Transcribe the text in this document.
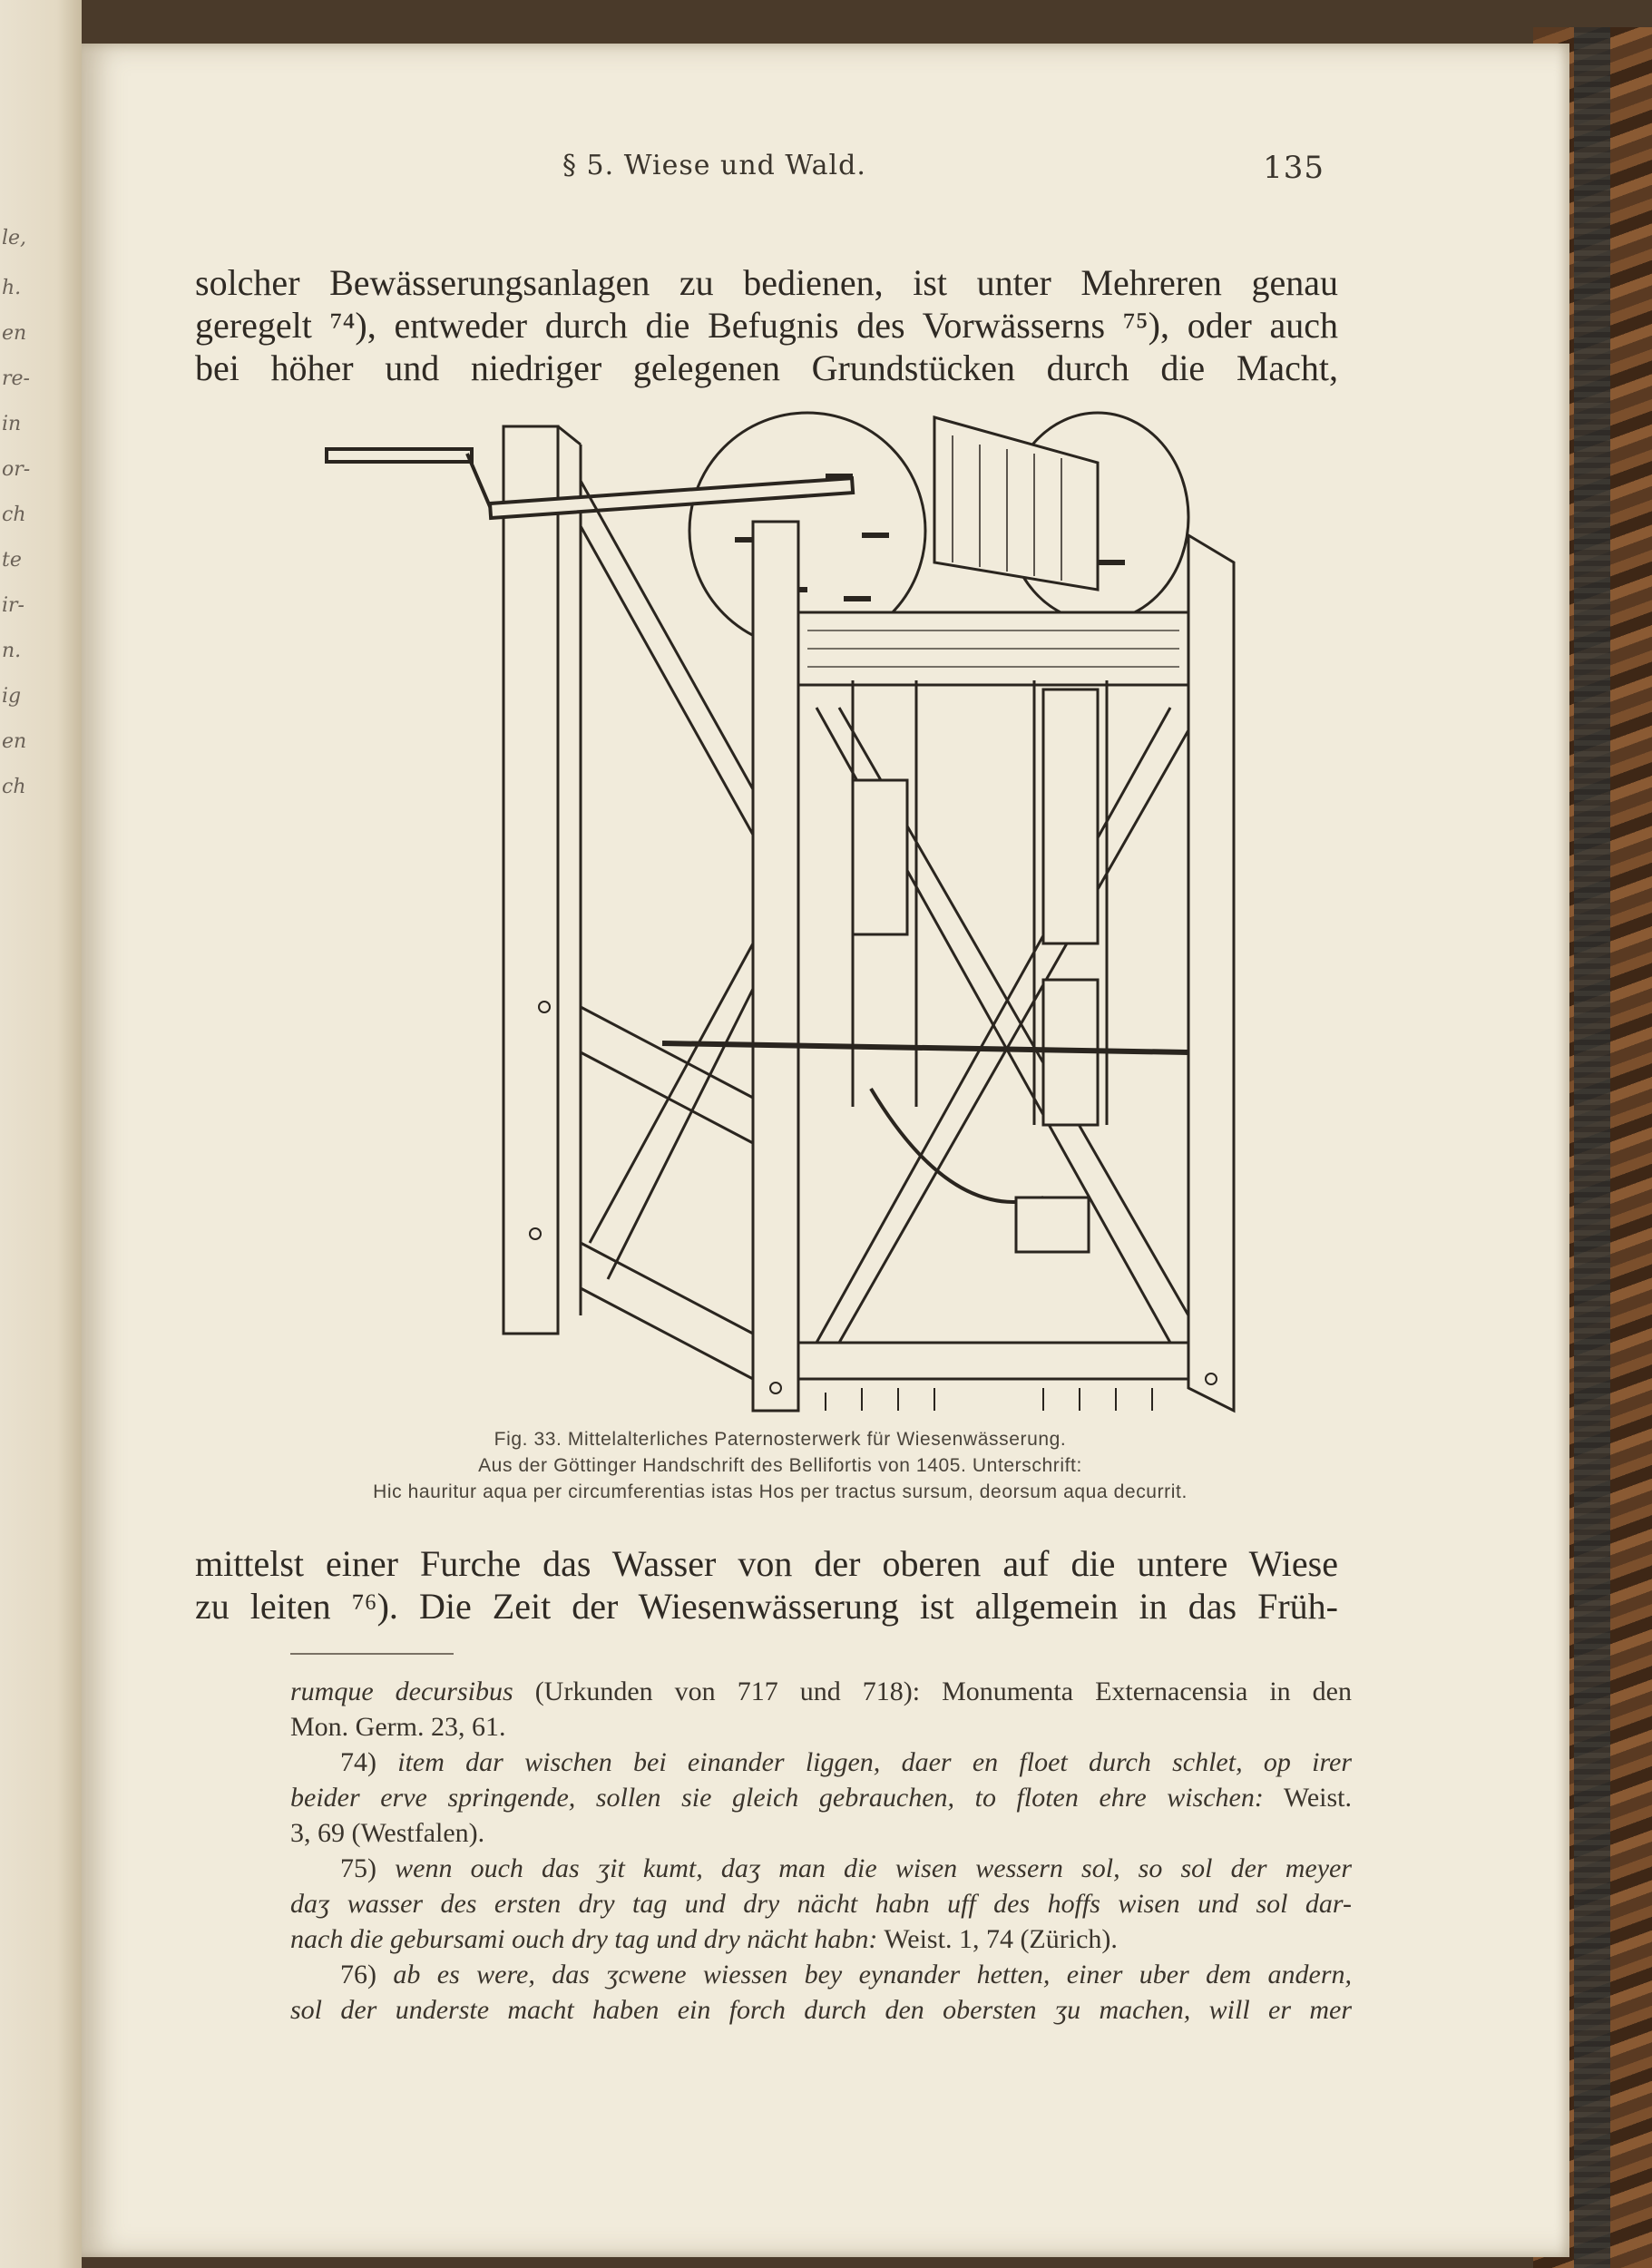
le,
h.
en
re-
in
or-
ch
te
ir-
n.
ig
en
ch
§ 5. Wiese und Wald.	135
solcher Bewässerungsanlagen zu bedienen, ist unter Mehreren genau
geregelt ⁷⁴), entweder durch die Befugnis des Vorwässerns ⁷⁵), oder auch
bei höher und niedriger gelegenen Grundstücken durch die Macht,
Fig. 33. Mittelalterliches Paternosterwerk für Wiesenwässerung.
Aus der Göttinger Handschrift des Bellifortis von 1405. Unterschrift:
Hic hauritur aqua per circumferentias istas Hos per tractus sursum, deorsum aqua decurrit.
mittelst einer Furche das Wasser von der oberen auf die untere Wiese
zu leiten ⁷⁶). Die Zeit der Wiesenwässerung ist allgemein in das Früh-
rumque decursibus (Urkunden von 717 und 718): Monumenta Externacensia in den
Mon. Germ. 23, 61.
74) item dar wischen bei einander liggen, daer en floet durch schlet, op irer
beider erve springende, sollen sie gleich gebrauchen, to floten ehre wischen: Weist.
3, 69 (Westfalen).
75) wenn ouch das ʒit kumt, daʒ man die wisen wessern sol, so sol der meyer
daʒ wasser des ersten dry tag und dry nächt habn uff des hoffs wisen und sol dar-
nach die gebursami ouch dry tag und dry nächt habn: Weist. 1, 74 (Zürich).
76) ab es were, das ʒcwene wiessen bey eynander hetten, einer uber dem andern,
sol der underste macht haben ein forch durch den obersten ʒu machen, will er mer
